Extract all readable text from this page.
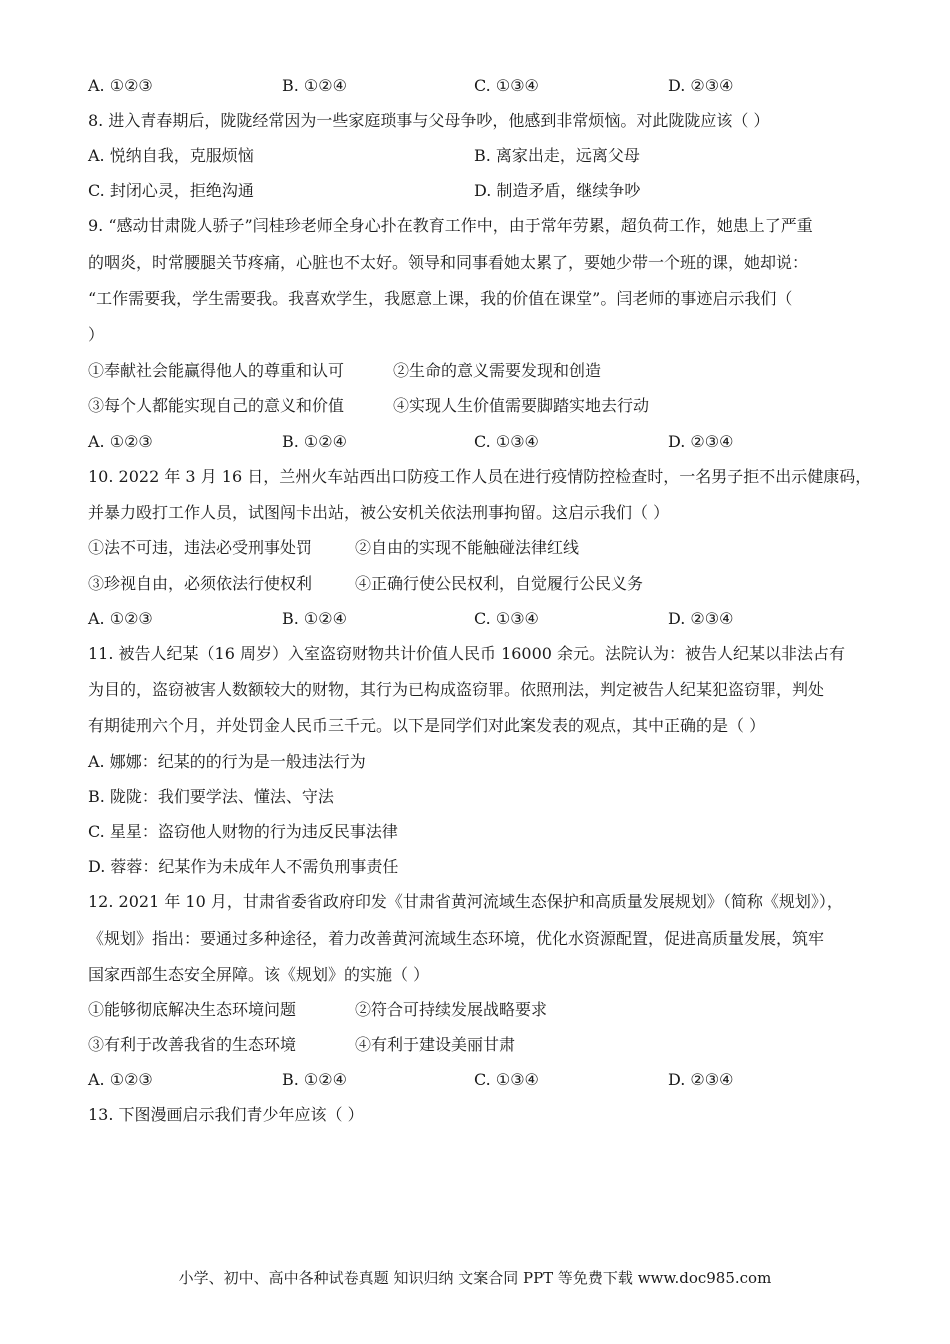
A. ①②③	B. ①②④	C. ①③④	D. ②③④
8. 进入青春期后，陇陇经常因为一些家庭琐事与父母争吵，他感到非常烦恼。对此陇陇应该（ ）
A. 悦纳自我，克服烦恼	B. 离家出走，远离父母
C. 封闭心灵，拒绝沟通	D. 制造矛盾，继续争吵
9. “感动甘肃陇人骄子”闫桂珍老师全身心扑在教育工作中，由于常年劳累，超负荷工作，她患上了严重
的咽炎，时常腰腿关节疼痛，心脏也不太好。领导和同事看她太累了，要她少带一个班的课，她却说：
“工作需要我，学生需要我。我喜欢学生，我愿意上课，我的价值在课堂”。闫老师的事迹启示我们（
）
①奉献社会能赢得他人的尊重和认可	②生命的意义需要发现和创造
③每个人都能实现自己的意义和价值	④实现人生价值需要脚踏实地去行动
A. ①②③	B. ①②④	C. ①③④	D. ②③④
10. 2022 年 3 月 16 日，兰州火车站西出口防疫工作人员在进行疫情防控检查时，一名男子拒不出示健康码，
并暴力殴打工作人员，试图闯卡出站，被公安机关依法刑事拘留。这启示我们（ ）
①法不可违，违法必受刑事处罚	②自由的实现不能触碰法律红线
③珍视自由，必须依法行使权利	④正确行使公民权利，自觉履行公民义务
A. ①②③	B. ①②④	C. ①③④	D. ②③④
11. 被告人纪某（16 周岁）入室盗窃财物共计价值人民币 16000 余元。法院认为：被告人纪某以非法占有
为目的，盗窃被害人数额较大的财物，其行为已构成盗窃罪。依照刑法，判定被告人纪某犯盗窃罪，判处
有期徒刑六个月，并处罚金人民币三千元。以下是同学们对此案发表的观点，其中正确的是（ ）
A. 娜娜：纪某的的行为是一般违法行为
B. 陇陇：我们要学法、懂法、守法
C. 星星：盗窃他人财物的行为违反民事法律
D. 蓉蓉：纪某作为未成年人不需负刑事责任
12. 2021 年 10 月，甘肃省委省政府印发《甘肃省黄河流域生态保护和高质量发展规划》（简称《规划》），
《规划》指出：要通过多种途径，着力改善黄河流域生态环境，优化水资源配置，促进高质量发展，筑牢
国家西部生态安全屏障。该《规划》的实施（ ）
①能够彻底解决生态环境问题	②符合可持续发展战略要求
③有利于改善我省的生态环境	④有利于建设美丽甘肃
A. ①②③	B. ①②④	C. ①③④	D. ②③④
13. 下图漫画启示我们青少年应该（ ）
小学、初中、高中各种试卷真题 知识归纳 文案合同 PPT 等免费下载 www.doc985.com
